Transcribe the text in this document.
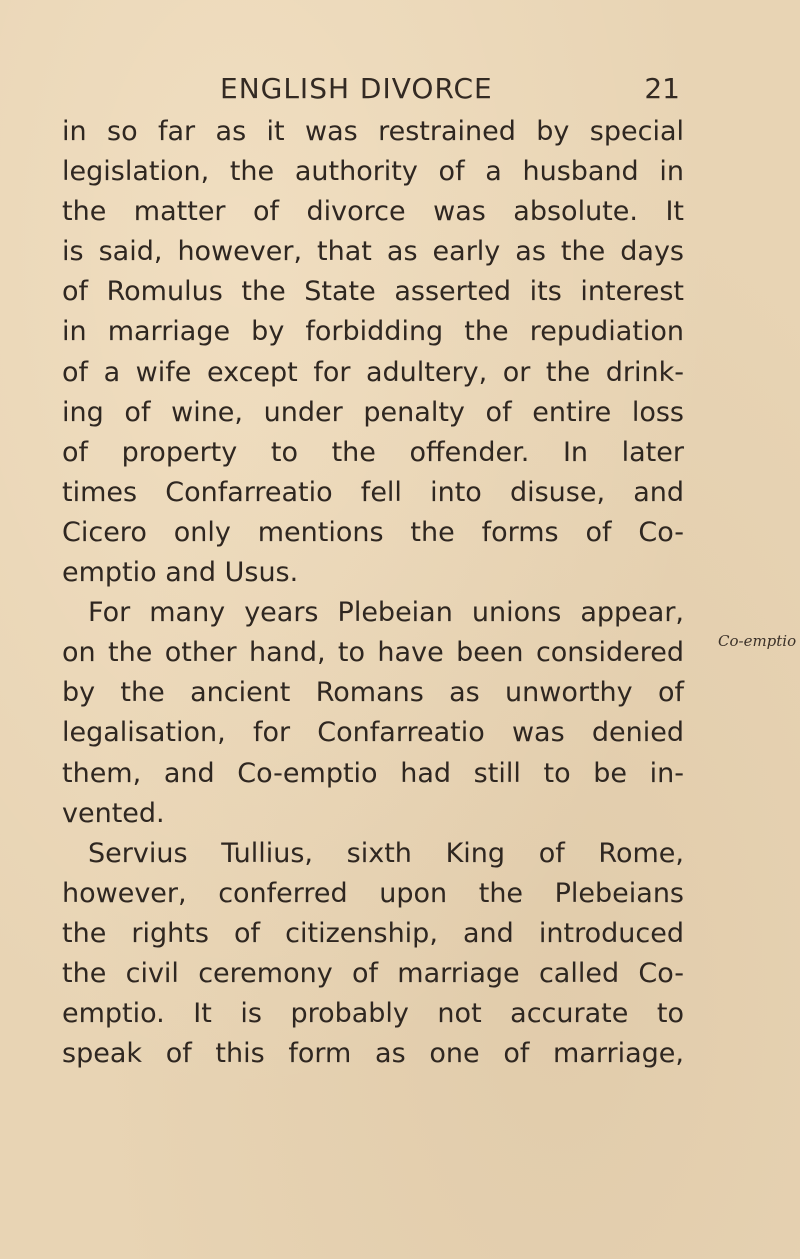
ENGLISH DIVORCE	21
in so far as it was restrained by special
legislation, the authority of a husband in
the matter of divorce was absolute. It
is said, however, that as early as the days
of Romulus the State asserted its interest
in marriage by forbidding the repudiation
of a wife except for adultery, or the drink-
ing of wine, under penalty of entire loss
of property to the offender. In later
times Confarreatio fell into disuse, and
Cicero only mentions the forms of Co-
emptio and Usus.
For many years Plebeian unions appear,
on the other hand, to have been considered
by the ancient Romans as unworthy of
legalisation, for Confarreatio was denied
them, and Co-emptio had still to be in-
vented.
Servius Tullius, sixth King of Rome,
however, conferred upon the Plebeians
the rights of citizenship, and introduced
the civil ceremony of marriage called Co-
emptio. It is probably not accurate to
speak of this form as one of marriage,
Co-emptio
